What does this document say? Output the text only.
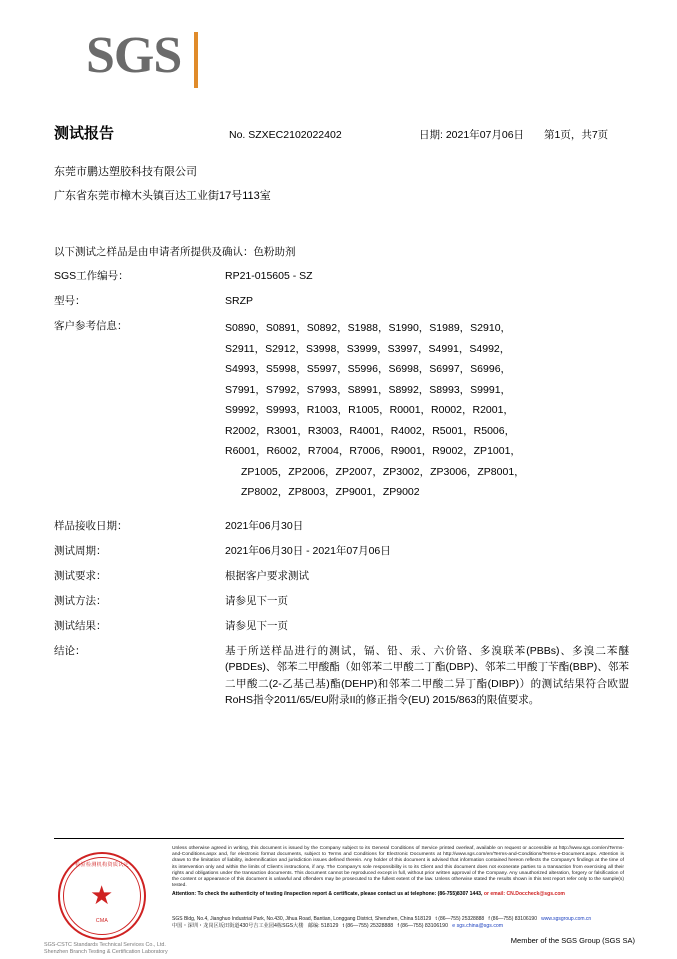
SGS
测试报告	No. SZXEC2102022402	日期: 2021年07月06日	第1页，共7页
东莞市鹏达塑胶科技有限公司
广东省东莞市樟木头镇百达工业街17号113室
以下测试之样品是由申请者所提供及确认：色粉助剂
SGS工作编号：	RP21-015605 - SZ
型号：	SRZP
客户参考信息：	S0890，S0891，S0892，S1988，S1990，S1989，S2910，
S2911，S2912，S3998，S3999，S3997，S4991，S4992，
S4993，S5998，S5997，S5996，S6998，S6997，S6996，
S7991，S7992，S7993，S8991，S8992，S8993，S9991，
S9992，S9993，R1003，R1005，R0001，R0002，R2001，
R2002，R3001，R3003，R4001，R4002，R5001，R5006，
R6001，R6002，R7004，R7006，R9001，R9002，ZP1001，
ZP1005，ZP2006，ZP2007，ZP3002，ZP3006，ZP8001，
ZP8002，ZP8003，ZP9001，ZP9002
样品接收日期：	2021年06月30日
测试周期：	2021年06月30日 - 2021年07月06日
测试要求：	根据客户要求测试
测试方法：	请参见下一页
测试结果：	请参见下一页
结论：	基于所送样品进行的测试，镉、铅、汞、六价铬、多溴联苯(PBBs)、多溴二苯醚(PBDEs)、邻苯二甲酸酯（如邻苯二甲酸二丁酯(DBP)、邻苯二甲酸丁苄酯(BBP)、邻苯二甲酸二(2-乙基己基)酯(DEHP)和邻苯二甲酸二异丁酯(DIBP)）的测试结果符合欧盟RoHS指令2011/65/EU附录II的修正指令(EU) 2015/863的限值要求。
★
检验检测机构资质认定
CMA
SGS-CSTC Standards Technical Services Co., Ltd.
Shenzhen Branch Testing & Certification Laboratory
Unless otherwise agreed in writing, this document is issued by the Company subject to its General Conditions of Service printed overleaf, available on request or accessible at http://www.sgs.com/en/Terms-and-Conditions.aspx and, for electronic format documents, subject to Terms and Conditions for Electronic Documents at http://www.sgs.com/en/Terms-and-Conditions/Terms-e-Document.aspx. Attention is drawn to the limitation of liability, indemnification and jurisdiction issues defined therein. Any holder of this document is advised that information contained hereon reflects the Company's findings at the time of its intervention only and within the limits of Client's instructions, if any. The Company's sole responsibility is to its Client and this document does not exonerate parties to a transaction from exercising all their rights and obligations under the transaction documents. This document cannot be reproduced except in full, without prior written approval of the Company. Any unauthorized alteration, forgery or falsification of the content or appearance of this document is unlawful and offenders may be prosecuted to the fullest extent of the law. Unless otherwise stated the results shown in this test report refer only to the sample(s) tested.
Attention: To check the authenticity of testing /inspection report & certificate, please contact us at telephone: (86-755)8307 1443, or email: CN.Doccheck@sgs.com
SGS Bldg, No.4, Jianghuo Industrial Park, No.430, Jihua Road, Bantian, Longgang District, Shenzhen, China 518129 t (86—755) 25328888 f (86—755) 83106190 www.sgsgroup.com.cn
中国・深圳・龙岗区坂田街道430号吉工业园4栋SGS大楼 邮编: 518129 t (86—755) 25328888 f (86—755) 83106190 e sgs.china@sgs.com
Member of the SGS Group (SGS SA)
